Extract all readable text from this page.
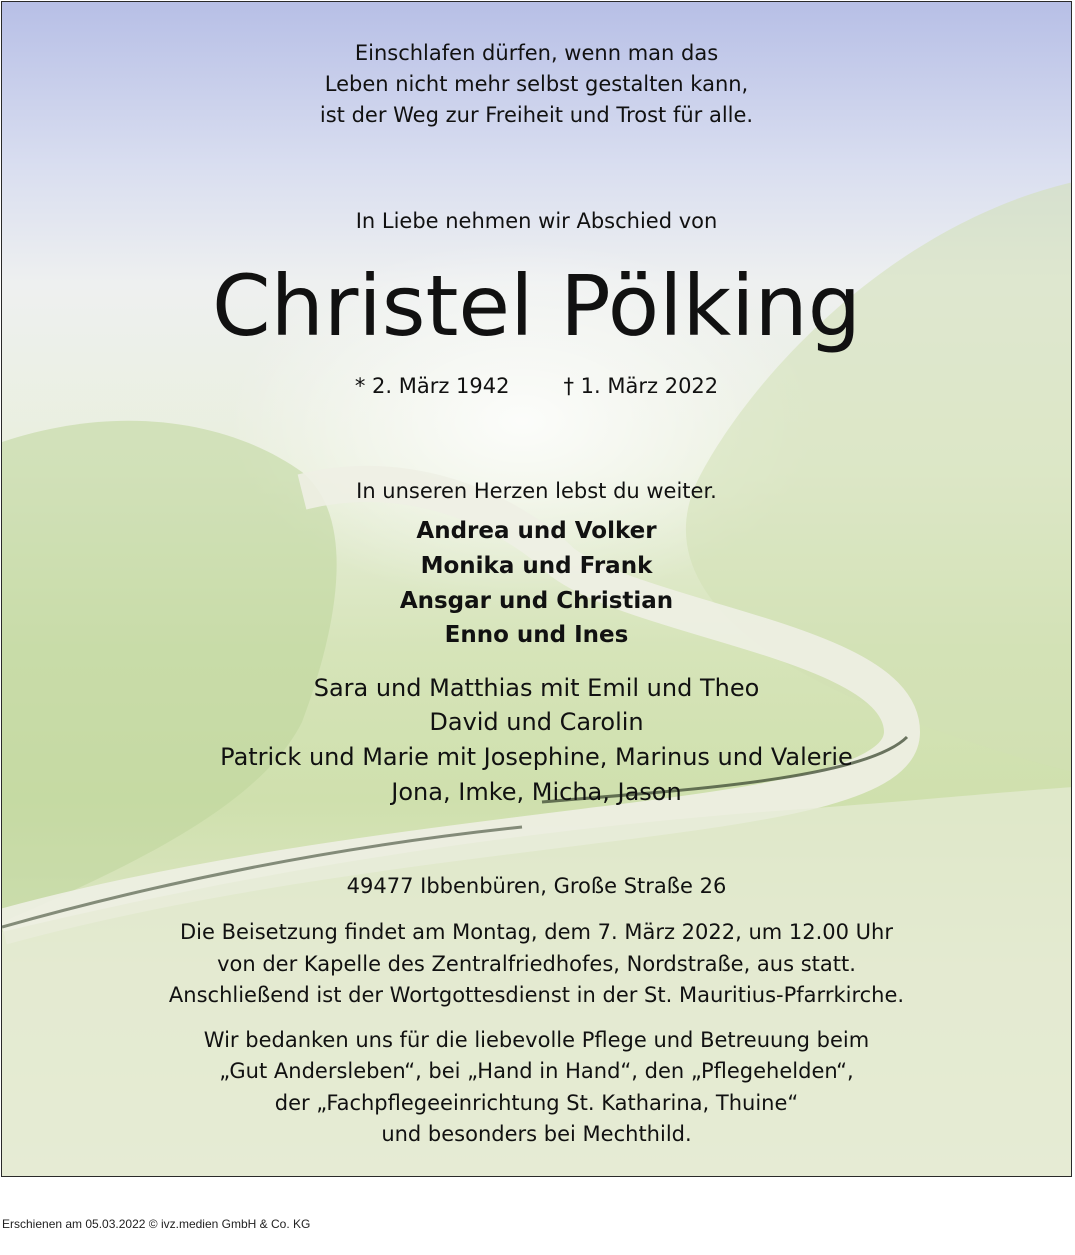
Einschlafen dürfen, wenn man das
Leben nicht mehr selbst gestalten kann,
ist der Weg zur Freiheit und Trost für alle.
In Liebe nehmen wir Abschied von
Christel Pölking
* 2. März 1942	† 1. März 2022
In unseren Herzen lebst du weiter.
Andrea und Volker
Monika und Frank
Ansgar und Christian
Enno und Ines
Sara und Matthias mit Emil und Theo
David und Carolin
Patrick und Marie mit Josephine, Marinus und Valerie
Jona, Imke, Micha, Jason
49477 Ibbenbüren, Große Straße 26
Die Beisetzung findet am Montag, dem 7. März 2022, um 12.00 Uhr
von der Kapelle des Zentralfriedhofes, Nordstraße, aus statt.
Anschließend ist der Wortgottesdienst in der St. Mauritius-Pfarrkirche.
Wir bedanken uns für die liebevolle Pflege und Betreuung beim
„Gut Andersleben“, bei „Hand in Hand“, den „Pflegehelden“,
der „Fachpflegeeinrichtung St. Katharina, Thuine“
und besonders bei Mechthild.
Erschienen am 05.03.2022 © ivz.medien GmbH & Co. KG
